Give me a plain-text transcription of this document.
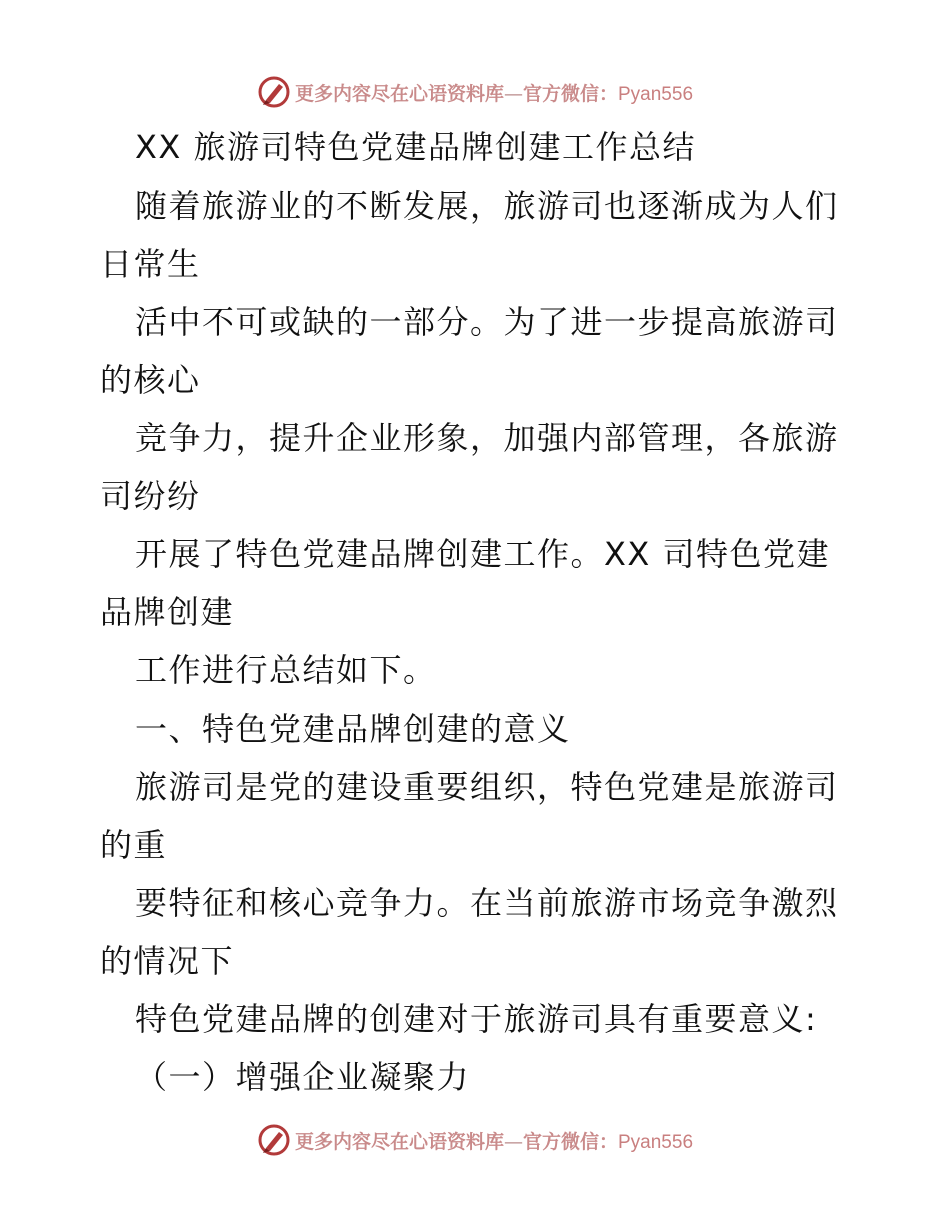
更多内容尽在心语资料库—官方微信：Pyan556
XX 旅游司特色党建品牌创建工作总结
随着旅游业的不断发展，旅游司也逐渐成为人们
日常生
活中不可或缺的一部分。为了进一步提高旅游司
的核心
竞争力，提升企业形象，加强内部管理，各旅游
司纷纷
开展了特色党建品牌创建工作。XX 司特色党建
品牌创建
工作进行总结如下。
一、特色党建品牌创建的意义
旅游司是党的建设重要组织，特色党建是旅游司
的重
要特征和核心竞争力。在当前旅游市场竞争激烈
的情况下
特色党建品牌的创建对于旅游司具有重要意义:
（一）增强企业凝聚力
更多内容尽在心语资料库—官方微信：Pyan556
